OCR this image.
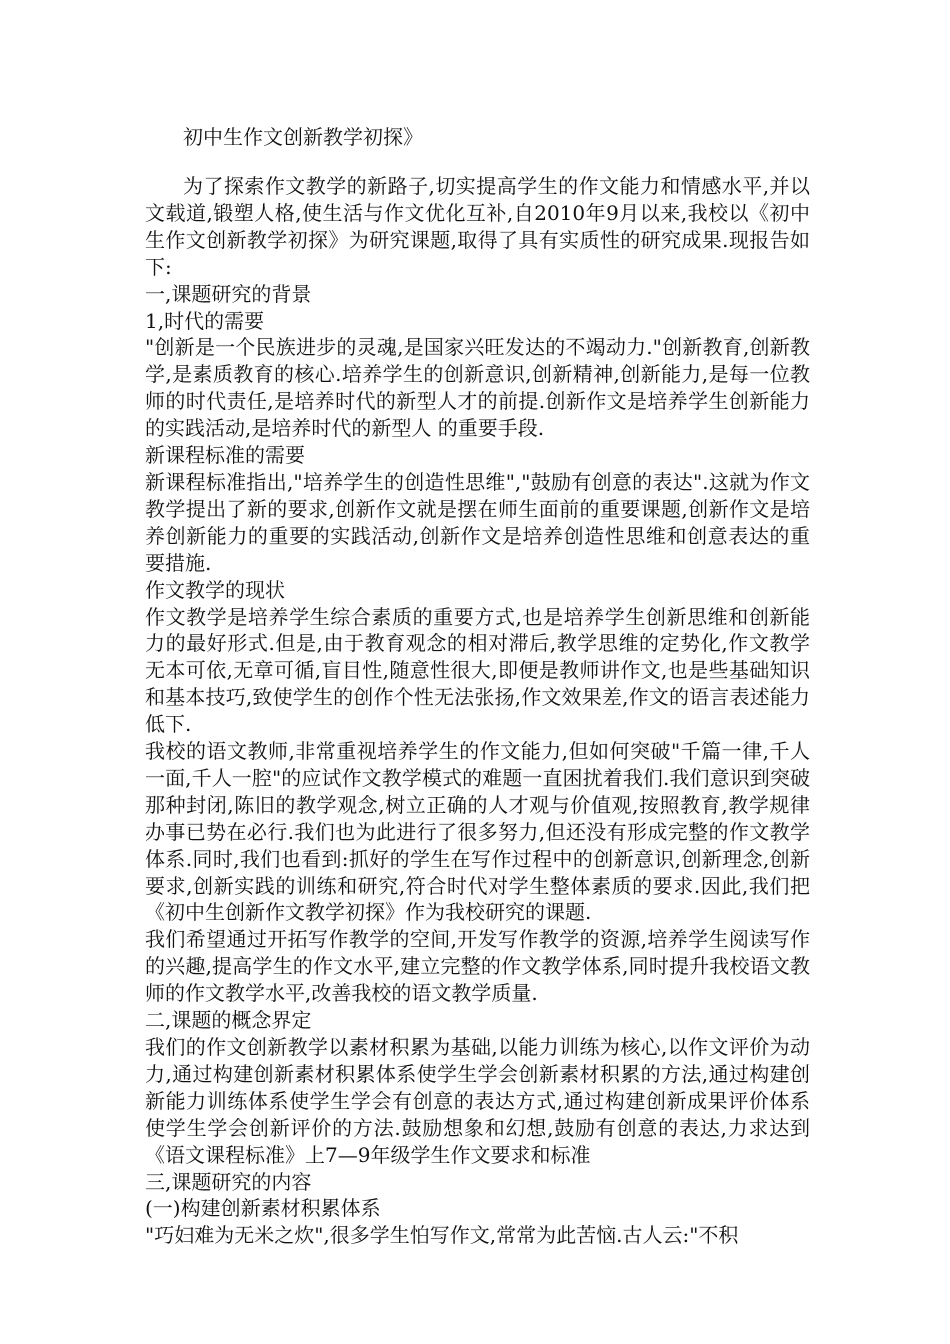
初中生作文创新教学初探》

为了探索作文教学的新路子,切实提高学生的作文能力和情感水平,并以文载道,锻塑人格,使生活与作文优化互补,自2010年9月以来,我校以《初中生作文创新教学初探》为研究课题,取得了具有实质性的研究成果.现报告如下:

一,课题研究的背景
1,时代的需要

"创新是一个民族进步的灵魂,是国家兴旺发达的不竭动力."创新教育,创新教学,是素质教育的核心.培养学生的创新意识,创新精神,创新能力,是每一位教师的时代责任,是培养时代的新型人才的前提.创新作文是培养学生创新能力的实践活动,是培养时代的新型人 的重要手段.

新课程标准的需要

新课程标准指出,"培养学生的创造性思维","鼓励有创意的表达".这就为作文教学提出了新的要求,创新作文就是摆在师生面前的重要课题,创新作文是培养创新能力的重要的实践活动,创新作文是培养创造性思维和创意表达的重要措施.

作文教学的现状

作文教学是培养学生综合素质的重要方式,也是培养学生创新思维和创新能力的最好形式.但是,由于教育观念的相对滞后,教学思维的定势化,作文教学无本可依,无章可循,盲目性,随意性很大,即便是教师讲作文,也是些基础知识和基本技巧,致使学生的创作个性无法张扬,作文效果差,作文的语言表述能力低下.

我校的语文教师,非常重视培养学生的作文能力,但如何突破"千篇一律,千人一面,千人一腔"的应试作文教学模式的难题一直困扰着我们.我们意识到突破那种封闭,陈旧的教学观念,树立正确的人才观与价值观,按照教育,教学规律办事已势在必行.我们也为此进行了很多努力,但还没有形成完整的作文教学体系.同时,我们也看到:抓好的学生在写作过程中的创新意识,创新理念,创新要求,创新实践的训练和研究,符合时代对学生整体素质的要求.因此,我们把《初中生创新作文教学初探》作为我校研究的课题.

我们希望通过开拓写作教学的空间,开发写作教学的资源,培养学生阅读写作的兴趣,提高学生的作文水平,建立完整的作文教学体系,同时提升我校语文教师的作文教学水平,改善我校的语文教学质量.

二,课题的概念界定

我们的作文创新教学以素材积累为基础,以能力训练为核心,以作文评价为动力,通过构建创新素材积累体系使学生学会创新素材积累的方法,通过构建创新能力训练体系使学生学会有创意的表达方式,通过构建创新成果评价体系使学生学会创新评价的方法.鼓励想象和幻想,鼓励有创意的表达,力求达到《语文课程标准》上7—9年级学生作文要求和标准

三,课题研究的内容
(一)构建创新素材积累体系

"巧妇难为无米之炊",很多学生怕写作文,常常为此苦恼.古人云:"不积
